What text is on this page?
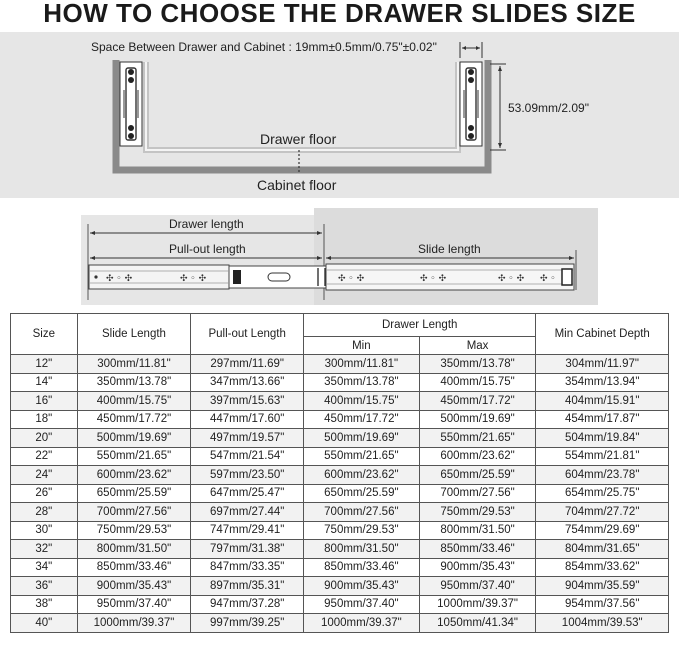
HOW TO CHOOSE THE DRAWER SLIDES SIZE
✣ ◦ ✣	✣ ◦ ✣	✣ ◦ ✣	✣ ◦ ✣	✣ ◦ ✣ ✣ ◦
Space Between Drawer and Cabinet : 19mm±0.5mm/0.75"±0.02"
53.09mm/2.09"
Drawer floor
Cabinet floor
Drawer length
Pull-out length	Slide length
Size	Slide Length	Pull-out Length	Drawer Length		Min Cabinet Depth
			Min	Max	
12"	300mm/11.81"	297mm/11.69"	300mm/11.81"	350mm/13.78"	304mm/11.97"
14"	350mm/13.78"	347mm/13.66"	350mm/13.78"	400mm/15.75"	354mm/13.94"
16"	400mm/15.75"	397mm/15.63"	400mm/15.75"	450mm/17.72"	404mm/15.91"
18"	450mm/17.72"	447mm/17.60"	450mm/17.72"	500mm/19.69"	454mm/17.87"
20"	500mm/19.69"	497mm/19.57"	500mm/19.69"	550mm/21.65"	504mm/19.84"
22"	550mm/21.65"	547mm/21.54"	550mm/21.65"	600mm/23.62"	554mm/21.81"
24"	600mm/23.62"	597mm/23.50"	600mm/23.62"	650mm/25.59"	604mm/23.78"
26"	650mm/25.59"	647mm/25.47"	650mm/25.59"	700mm/27.56"	654mm/25.75"
28"	700mm/27.56"	697mm/27.44"	700mm/27.56"	750mm/29.53"	704mm/27.72"
30"	750mm/29.53"	747mm/29.41"	750mm/29.53"	800mm/31.50"	754mm/29.69"
32"	800mm/31.50"	797mm/31.38"	800mm/31.50"	850mm/33.46"	804mm/31.65"
34"	850mm/33.46"	847mm/33.35"	850mm/33.46"	900mm/35.43"	854mm/33.62"
36"	900mm/35.43"	897mm/35.31"	900mm/35.43"	950mm/37.40"	904mm/35.59"
38"	950mm/37.40"	947mm/37.28"	950mm/37.40"	1000mm/39.37"	954mm/37.56"
40"	1000mm/39.37"	997mm/39.25"	1000mm/39.37"	1050mm/41.34"	1004mm/39.53"
